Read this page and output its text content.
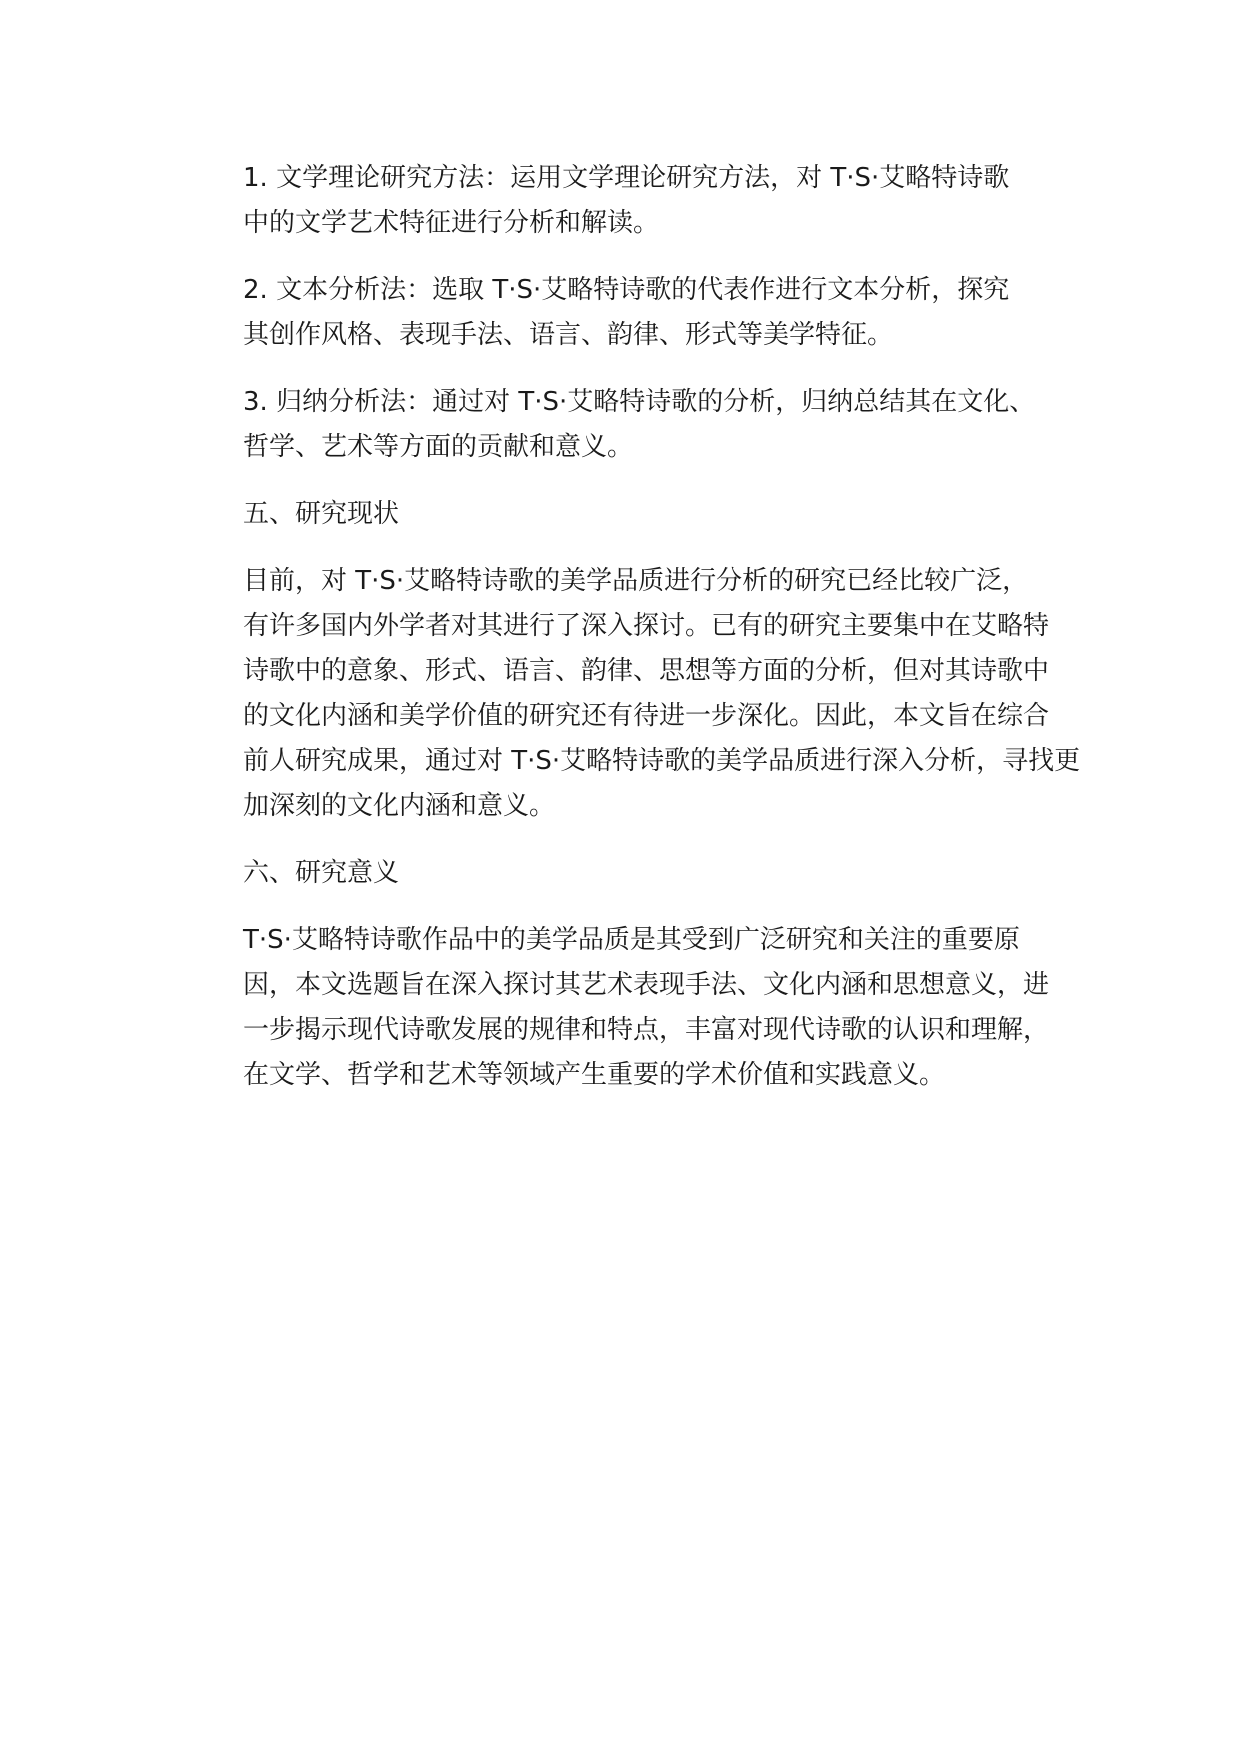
1. 文学理论研究方法：运用文学理论研究方法，对 T·S·艾略特诗歌
中的文学艺术特征进行分析和解读。

2. 文本分析法：选取 T·S·艾略特诗歌的代表作进行文本分析，探究
其创作风格、表现手法、语言、韵律、形式等美学特征。

3. 归纳分析法：通过对 T·S·艾略特诗歌的分析，归纳总结其在文化、
哲学、艺术等方面的贡献和意义。

五、研究现状

目前，对 T·S·艾略特诗歌的美学品质进行分析的研究已经比较广泛，
有许多国内外学者对其进行了深入探讨。已有的研究主要集中在艾略特
诗歌中的意象、形式、语言、韵律、思想等方面的分析，但对其诗歌中
的文化内涵和美学价值的研究还有待进一步深化。因此，本文旨在综合
前人研究成果，通过对 T·S·艾略特诗歌的美学品质进行深入分析，寻找更
加深刻的文化内涵和意义。

六、研究意义

T·S·艾略特诗歌作品中的美学品质是其受到广泛研究和关注的重要原
因，本文选题旨在深入探讨其艺术表现手法、文化内涵和思想意义，进
一步揭示现代诗歌发展的规律和特点，丰富对现代诗歌的认识和理解，
在文学、哲学和艺术等领域产生重要的学术价值和实践意义。
